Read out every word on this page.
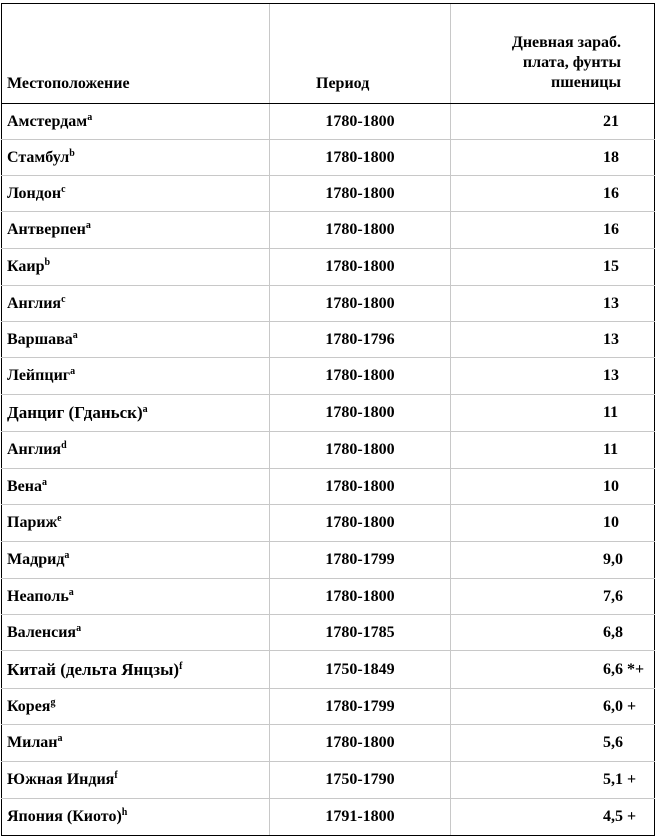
Местоположение	Период	Дневная зараб.
плата, фунты
пшеницы
Амстердам$^a$	1780-1800	21
Стамбул$^b$	1780-1800	18
Лондон$^c$	1780-1800	16
Антверпен$^a$	1780-1800	16
Каир$^b$	1780-1800	15
Англия$^c$	1780-1800	13
Варшава$^a$	1780-1796	13
Лейпциг$^a$	1780-1800	13
Данциг (Гданьск)$^a$	1780-1800	11
Англия$^d$	1780-1800	11
Вена$^a$	1780-1800	10
Париж$^e$	1780-1800	10
Мадрид$^a$	1780-1799	9,0
Неаполь$^a$	1780-1800	7,6
Валенсия$^a$	1780-1785	6,8
Китай (дельта Янцзы)$^f$	1750-1849	6,6 *+
Корея$^g$	1780-1799	6,0 +
Милан$^a$	1780-1800	5,6
Южная Индия$^f$	1750-1790	5,1 +
Япония (Киото)$^h$	1791-1800	4,5 +
